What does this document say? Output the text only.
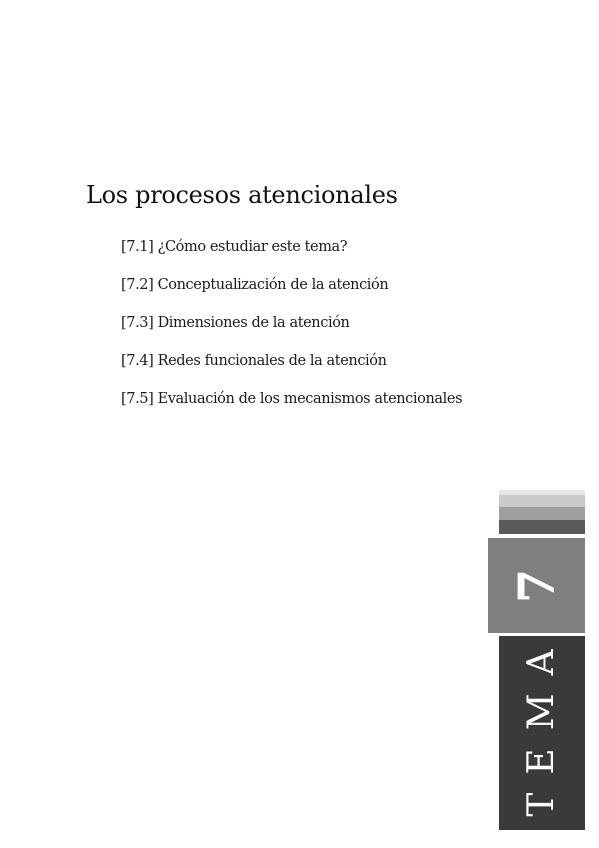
Los procesos atencionales
[7.1] ¿Cómo estudiar este tema?
[7.2] Conceptualización de la atención
[7.3] Dimensiones de la atención
[7.4] Redes funcionales de la atención
[7.5] Evaluación de los mecanismos atencionales
7
TEMA
